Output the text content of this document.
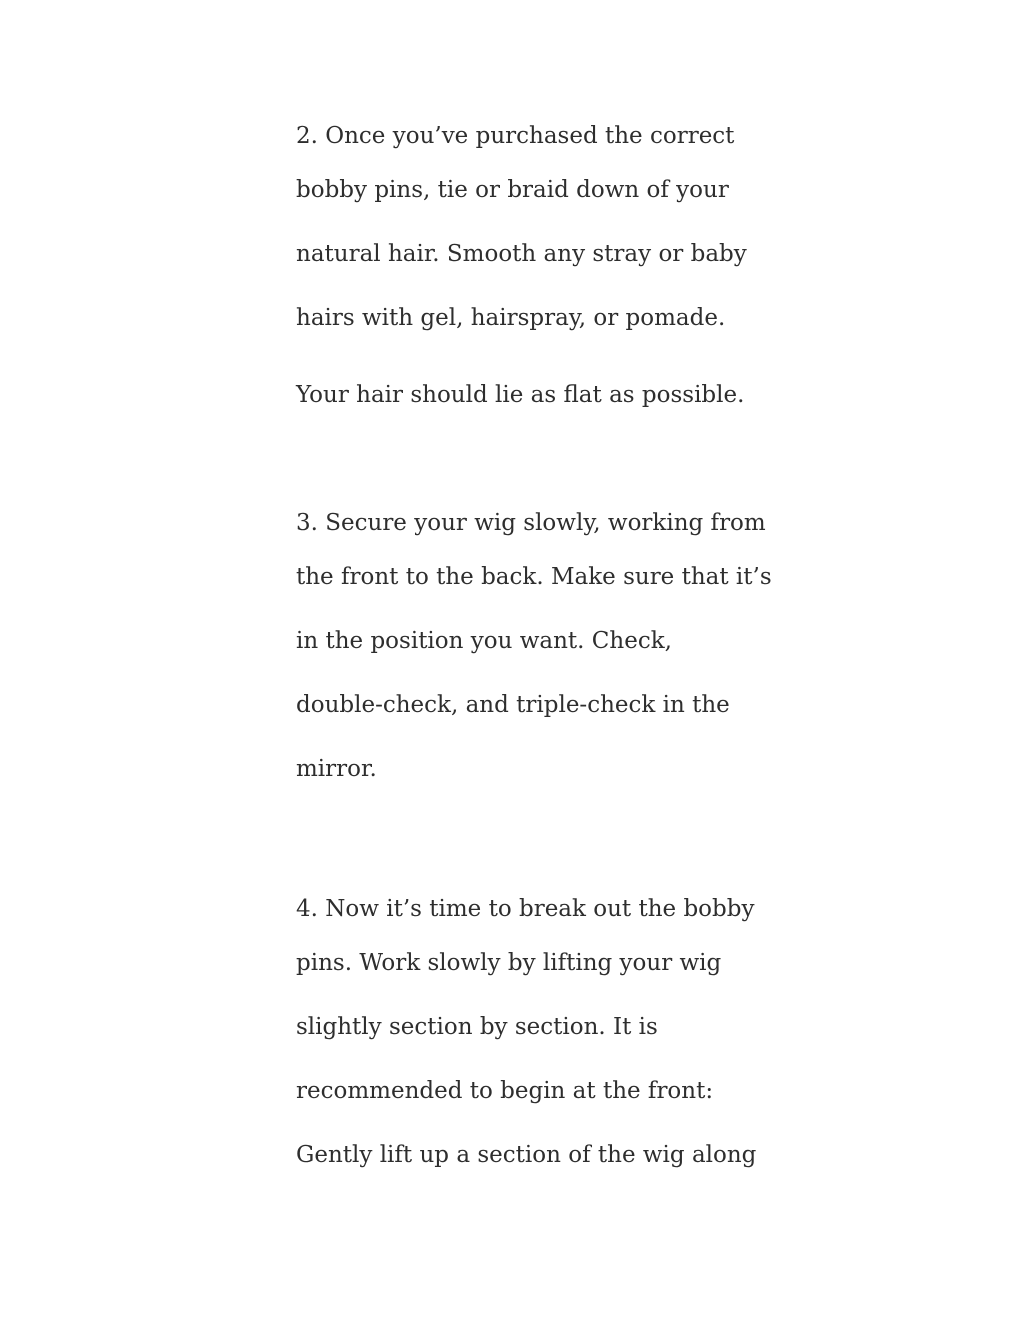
2. Once you’ve purchased the correct

bobby pins, tie or braid down of your

natural hair. Smooth any stray or baby

hairs with gel, hairspray, or pomade.

Your hair should lie as flat as possible.

3. Secure your wig slowly, working from

the front to the back. Make sure that it’s

in the position you want. Check,

double-check, and triple-check in the

mirror.

4. Now it’s time to break out the bobby

pins. Work slowly by lifting your wig

slightly section by section. It is

recommended to begin at the front:

Gently lift up a section of the wig along
